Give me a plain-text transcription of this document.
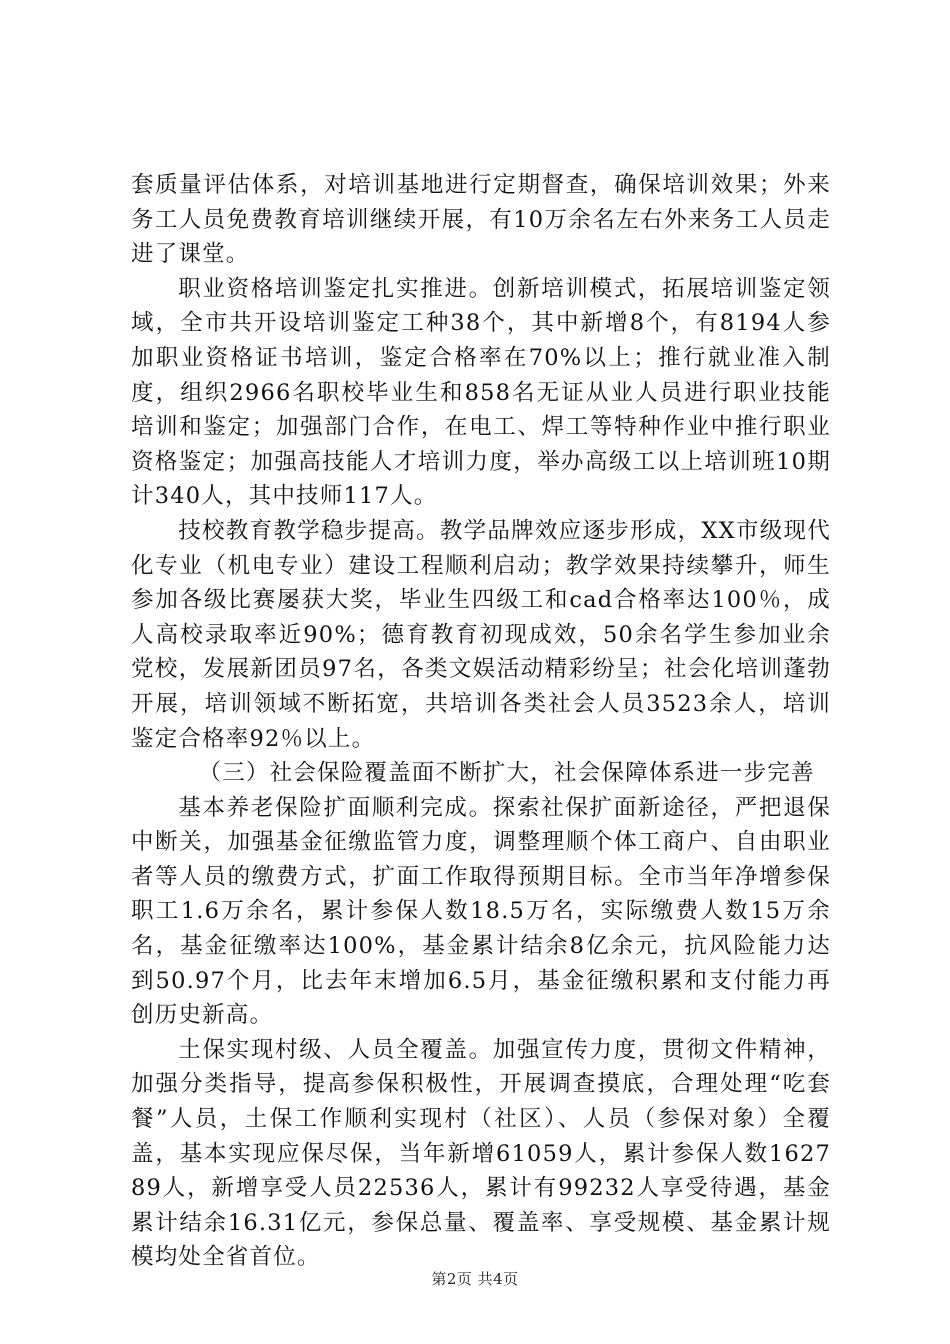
套质量评估体系，对培训基地进行定期督查，确保培训效果；外来务工人员免费教育培训继续开展，有10万余名左右外来务工人员走进了课堂。

职业资格培训鉴定扎实推进。创新培训模式，拓展培训鉴定领域，全市共开设培训鉴定工种38个，其中新增8个，有8194人参加职业资格证书培训，鉴定合格率在70%以上；推行就业准入制度，组织2966名职校毕业生和858名无证从业人员进行职业技能培训和鉴定；加强部门合作，在电工、焊工等特种作业中推行职业资格鉴定；加强高技能人才培训力度，举办高级工以上培训班10期计340人，其中技师117人。

技校教育教学稳步提高。教学品牌效应逐步形成，XX市级现代化专业（机电专业）建设工程顺利启动；教学效果持续攀升，师生参加各级比赛屡获大奖，毕业生四级工和cad合格率达100％，成人高校录取率近90%；德育教育初现成效，50余名学生参加业余党校，发展新团员97名，各类文娱活动精彩纷呈；社会化培训蓬勃开展，培训领域不断拓宽，共培训各类社会人员3523余人，培训鉴定合格率92％以上。

（三）社会保险覆盖面不断扩大，社会保障体系进一步完善

基本养老保险扩面顺利完成。探索社保扩面新途径，严把退保中断关，加强基金征缴监管力度，调整理顺个体工商户、自由职业者等人员的缴费方式，扩面工作取得预期目标。全市当年净增参保职工1.6万余名，累计参保人数18.5万名，实际缴费人数15万余名，基金征缴率达100%，基金累计结余8亿余元，抗风险能力达到50.97个月，比去年末增加6.5月，基金征缴积累和支付能力再创历史新高。

土保实现村级、人员全覆盖。加强宣传力度，贯彻文件精神，加强分类指导，提高参保积极性，开展调查摸底，合理处理“吃套餐”人员，土保工作顺利实现村（社区）、人员（参保对象）全覆盖，基本实现应保尽保，当年新增61059人，累计参保人数162789人，新增享受人员22536人，累计有99232人享受待遇，基金累计结余16.31亿元，参保总量、覆盖率、享受规模、基金累计规模均处全省首位。

第2页 共4页
